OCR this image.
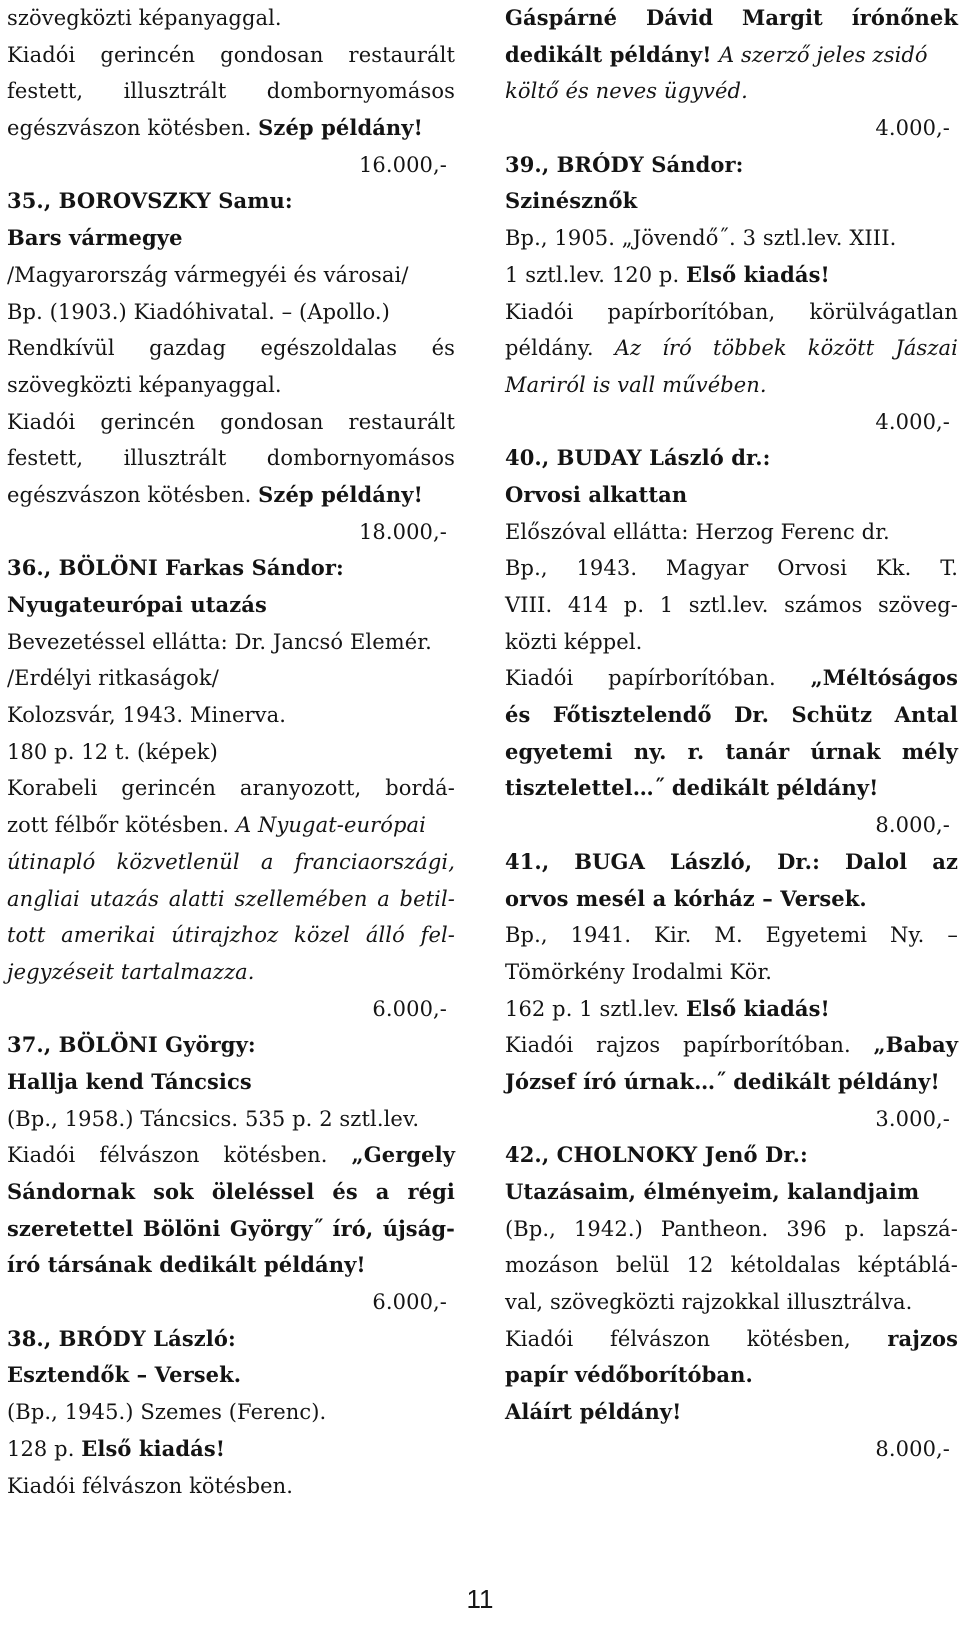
szövegközti képanyaggal.
Kiadói gerincén gondosan restaurált
festett, illusztrált dombornyomásos
egészvászon kötésben. Szép példány!
16.000,-
35., BOROVSZKY Samu:
Bars vármegye
/Magyarország vármegyéi és városai/
Bp. (1903.) Kiadóhivatal. – (Apollo.)
Rendkívül gazdag egészoldalas és
szövegközti képanyaggal.
Kiadói gerincén gondosan restaurált
festett, illusztrált dombornyomásos
egészvászon kötésben. Szép példány!
18.000,-
36., BÖLÖNI Farkas Sándor:
Nyugateurópai utazás
Bevezetéssel ellátta: Dr. Jancsó Elemér.
/Erdélyi ritkaságok/
Kolozsvár, 1943. Minerva.
180 p. 12 t. (képek)
Korabeli gerincén aranyozott, bordá-
zott félbőr kötésben. A Nyugat-európai
útinapló közvetlenül a franciaországi,
angliai utazás alatti szellemében a betil-
tott amerikai útirajzhoz közel álló fel-
jegyzéseit tartalmazza.
6.000,-
37., BÖLÖNI György:
Hallja kend Táncsics
(Bp., 1958.) Táncsics. 535 p. 2 sztl.lev.
Kiadói félvászon kötésben. „Gergely
Sándornak sok öleléssel és a régi
szeretettel Bölöni György˝ író, újság-
író társának dedikált példány!
6.000,-
38., BRÓDY László:
Esztendők – Versek.
(Bp., 1945.) Szemes (Ferenc).
128 p. Első kiadás!
Kiadói félvászon kötésben.
Gáspárné Dávid Margit írónőnek
dedikált példány! A szerző jeles zsidó
költő és neves ügyvéd.
4.000,-
39., BRÓDY Sándor:
Szinésznők
Bp., 1905. „Jövendő˝. 3 sztl.lev. XIII.
1 sztl.lev. 120 p. Első kiadás!
Kiadói papírborítóban, körülvágatlan
példány. Az író többek között Jászai
Mariról is vall művében.
4.000,-
40., BUDAY László dr.:
Orvosi alkattan
Előszóval ellátta: Herzog Ferenc dr.
Bp., 1943. Magyar Orvosi Kk. T.
VIII. 414 p. 1 sztl.lev. számos szöveg-
közti képpel.
Kiadói papírborítóban. „Méltóságos
és Főtisztelendő Dr. Schütz Antal
egyetemi ny. r. tanár úrnak mély
tisztelettel…˝ dedikált példány!
8.000,-
41., BUGA László, Dr.: Dalol az
orvos mesél a kórház – Versek.
Bp., 1941. Kir. M. Egyetemi Ny. –
Tömörkény Irodalmi Kör.
162 p. 1 sztl.lev. Első kiadás!
Kiadói rajzos papírborítóban. „Babay
József író úrnak…˝ dedikált példány!
3.000,-
42., CHOLNOKY Jenő Dr.:
Utazásaim, élményeim, kalandjaim
(Bp., 1942.) Pantheon. 396 p. lapszá-
mozáson belül 12 kétoldalas képtáblá-
val, szövegközti rajzokkal illusztrálva.
Kiadói félvászon kötésben, rajzos
papír védőborítóban.
Aláírt példány!
8.000,-
11
